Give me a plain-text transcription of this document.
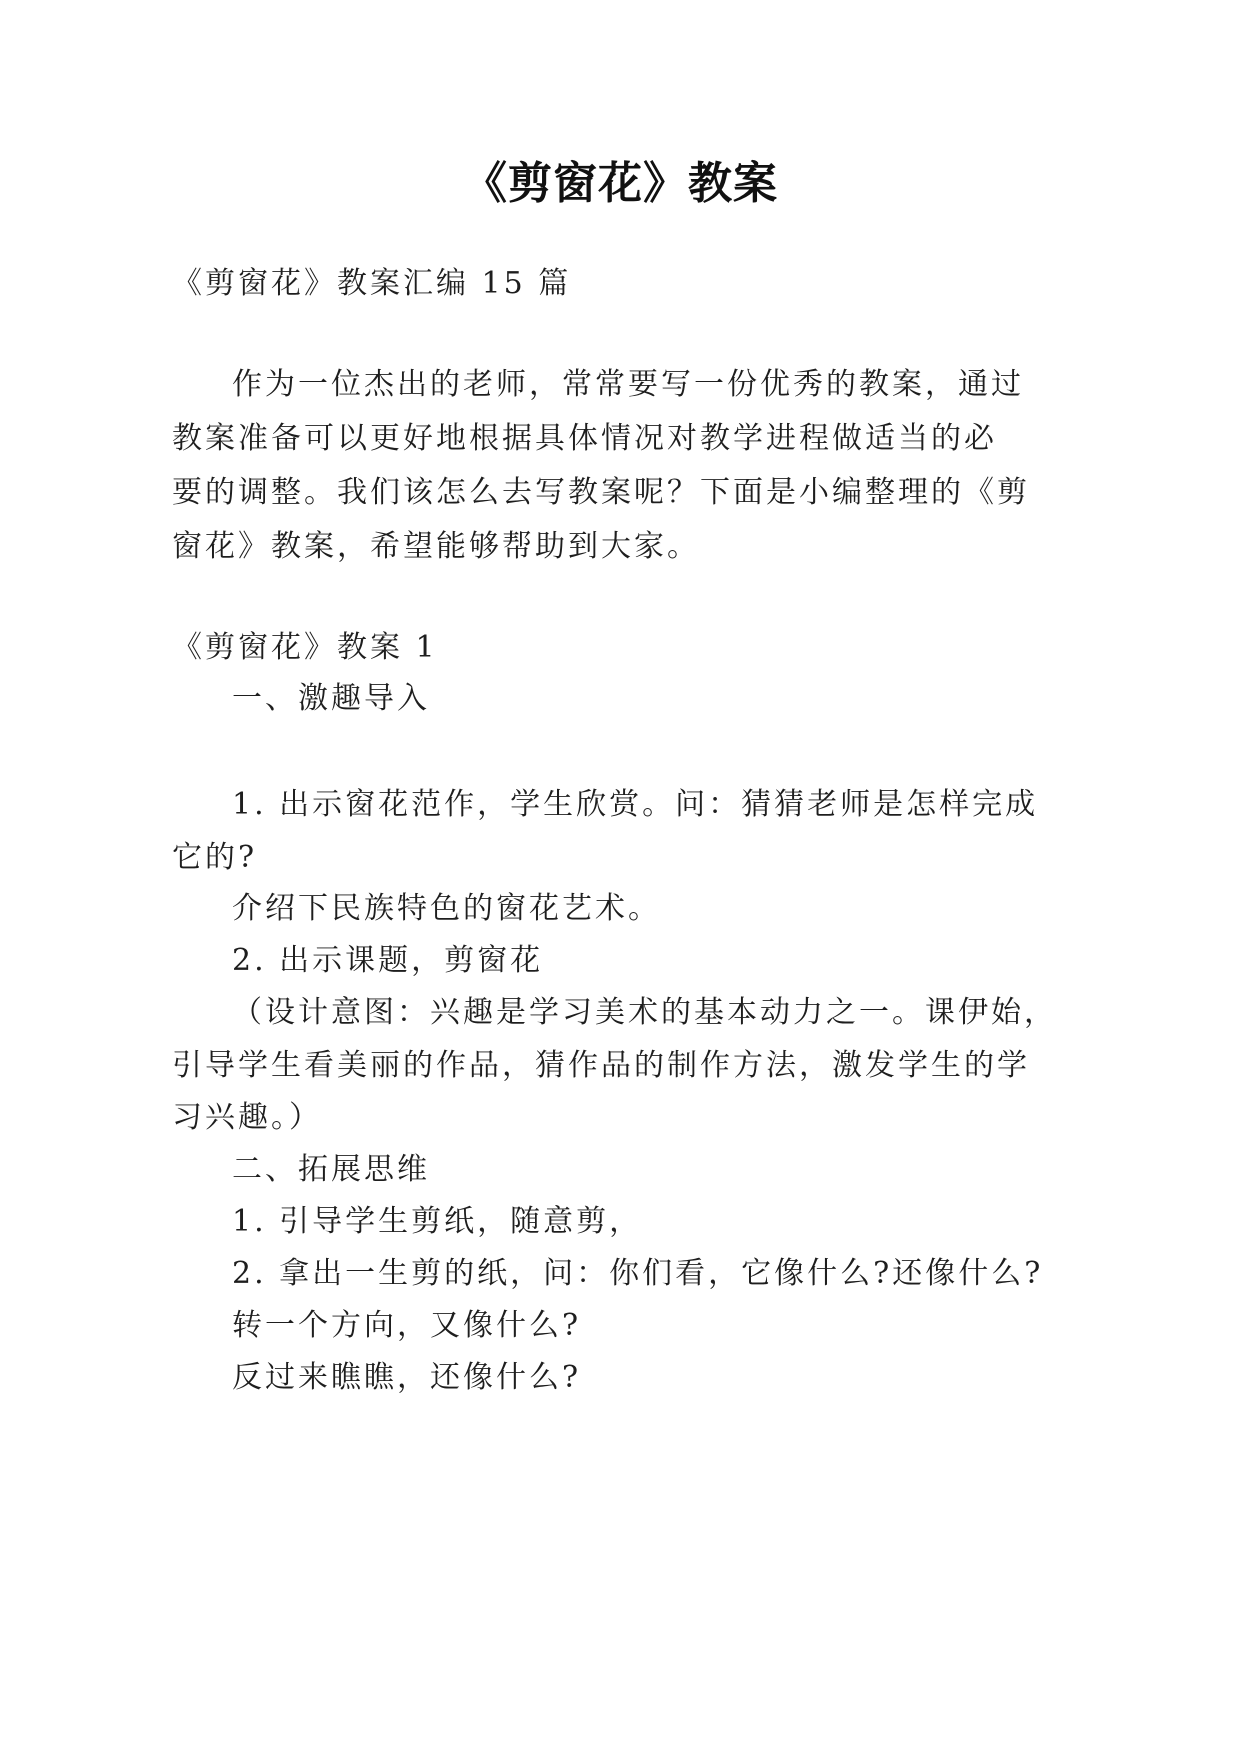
《剪窗花》教案
《剪窗花》教案汇编 15 篇
作为一位杰出的老师，常常要写一份优秀的教案，通过
教案准备可以更好地根据具体情况对教学进程做适当的必
要的调整。我们该怎么去写教案呢？下面是小编整理的《剪
窗花》教案，希望能够帮助到大家。
《剪窗花》教案 1
一、激趣导入
1. 出示窗花范作，学生欣赏。问：猜猜老师是怎样完成
它的?
介绍下民族特色的窗花艺术。
2. 出示课题，剪窗花
（设计意图：兴趣是学习美术的基本动力之一。课伊始，
引导学生看美丽的作品，猜作品的制作方法，激发学生的学
习兴趣。）
二、拓展思维
1. 引导学生剪纸，随意剪，
2. 拿出一生剪的纸，问：你们看，它像什么?还像什么?
转一个方向，又像什么?
反过来瞧瞧，还像什么?
